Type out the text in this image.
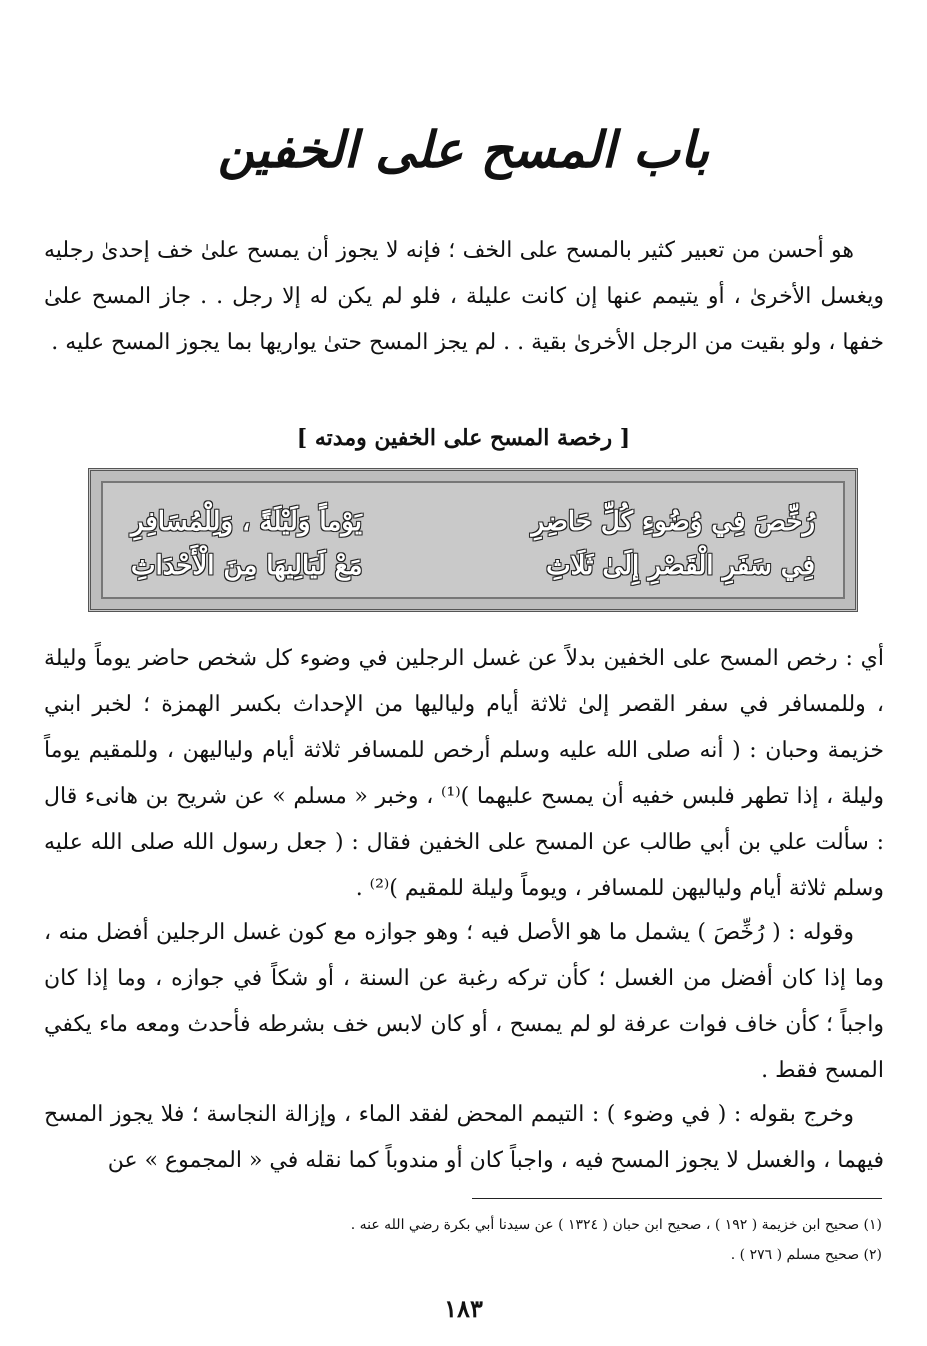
باب المسح على الخفين

هو أحسن من تعبير كثير بالمسح على الخف ؛ فإنه لا يجوز أن يمسح علىٰ خف إحدىٰ رجليه ويغسل الأخرىٰ ، أو يتيمم عنها إن كانت عليلة ، فلو لم يكن له إلا رجل . . جاز المسح علىٰ خفها ، ولو بقيت من الرجل الأخرىٰ بقية . . لم يجز المسح حتىٰ يواريها بما يجوز المسح عليه .

[ رخصة المسح على الخفين ومدته ]
رُخِّصَ فِي وُضُوءِ كُلِّ حَاضِرِ
يَوْماً وَلَيْلَةً ، وَلِلْمُسَافِرِ
فِي سَفَرِ الْقَصْرِ إِلَىٰ ثَلَاثِ
مَعْ لَيَالِيهَا مِنَ الْأَحْدَاثِ

أي : رخص المسح على الخفين بدلاً عن غسل الرجلين في وضوء كل شخص حاضر يوماً وليلة ، وللمسافر في سفر القصر إلىٰ ثلاثة أيام ولياليها من الإحداث بكسر الهمزة ؛ لخبر ابني خزيمة وحبان : ( أنه صلى الله عليه وسلم أرخص للمسافر ثلاثة أيام ولياليهن ، وللمقيم يوماً وليلة ، إذا تطهر فلبس خفيه أن يمسح عليهما )⁽¹⁾ ، وخبر « مسلم » عن شريح بن هانىء قال : سألت علي بن أبي طالب عن المسح على الخفين فقال : ( جعل رسول الله صلى الله عليه وسلم ثلاثة أيام ولياليهن للمسافر ، ويوماً وليلة للمقيم )⁽²⁾ .

وقوله : ( رُخِّصَ ) يشمل ما هو الأصل فيه ؛ وهو جوازه مع كون غسل الرجلين أفضل منه ، وما إذا كان أفضل من الغسل ؛ كأن تركه رغبة عن السنة ، أو شكاً في جوازه ، وما إذا كان واجباً ؛ كأن خاف فوات عرفة لو لم يمسح ، أو كان لابس خف بشرطه فأحدث ومعه ماء يكفي المسح فقط .

وخرج بقوله : ( في وضوء ) : التيمم المحض لفقد الماء ، وإزالة النجاسة ؛ فلا يجوز المسح فيهما ، والغسل لا يجوز المسح فيه ، واجباً كان أو مندوباً كما نقله في « المجموع » عن

(١) صحيح ابن خزيمة ( ١٩٢ ) ، صحيح ابن حبان ( ١٣٢٤ ) عن سيدنا أبي بكرة رضي الله عنه .
(٢) صحيح مسلم ( ٢٧٦ ) .
١٨٣
